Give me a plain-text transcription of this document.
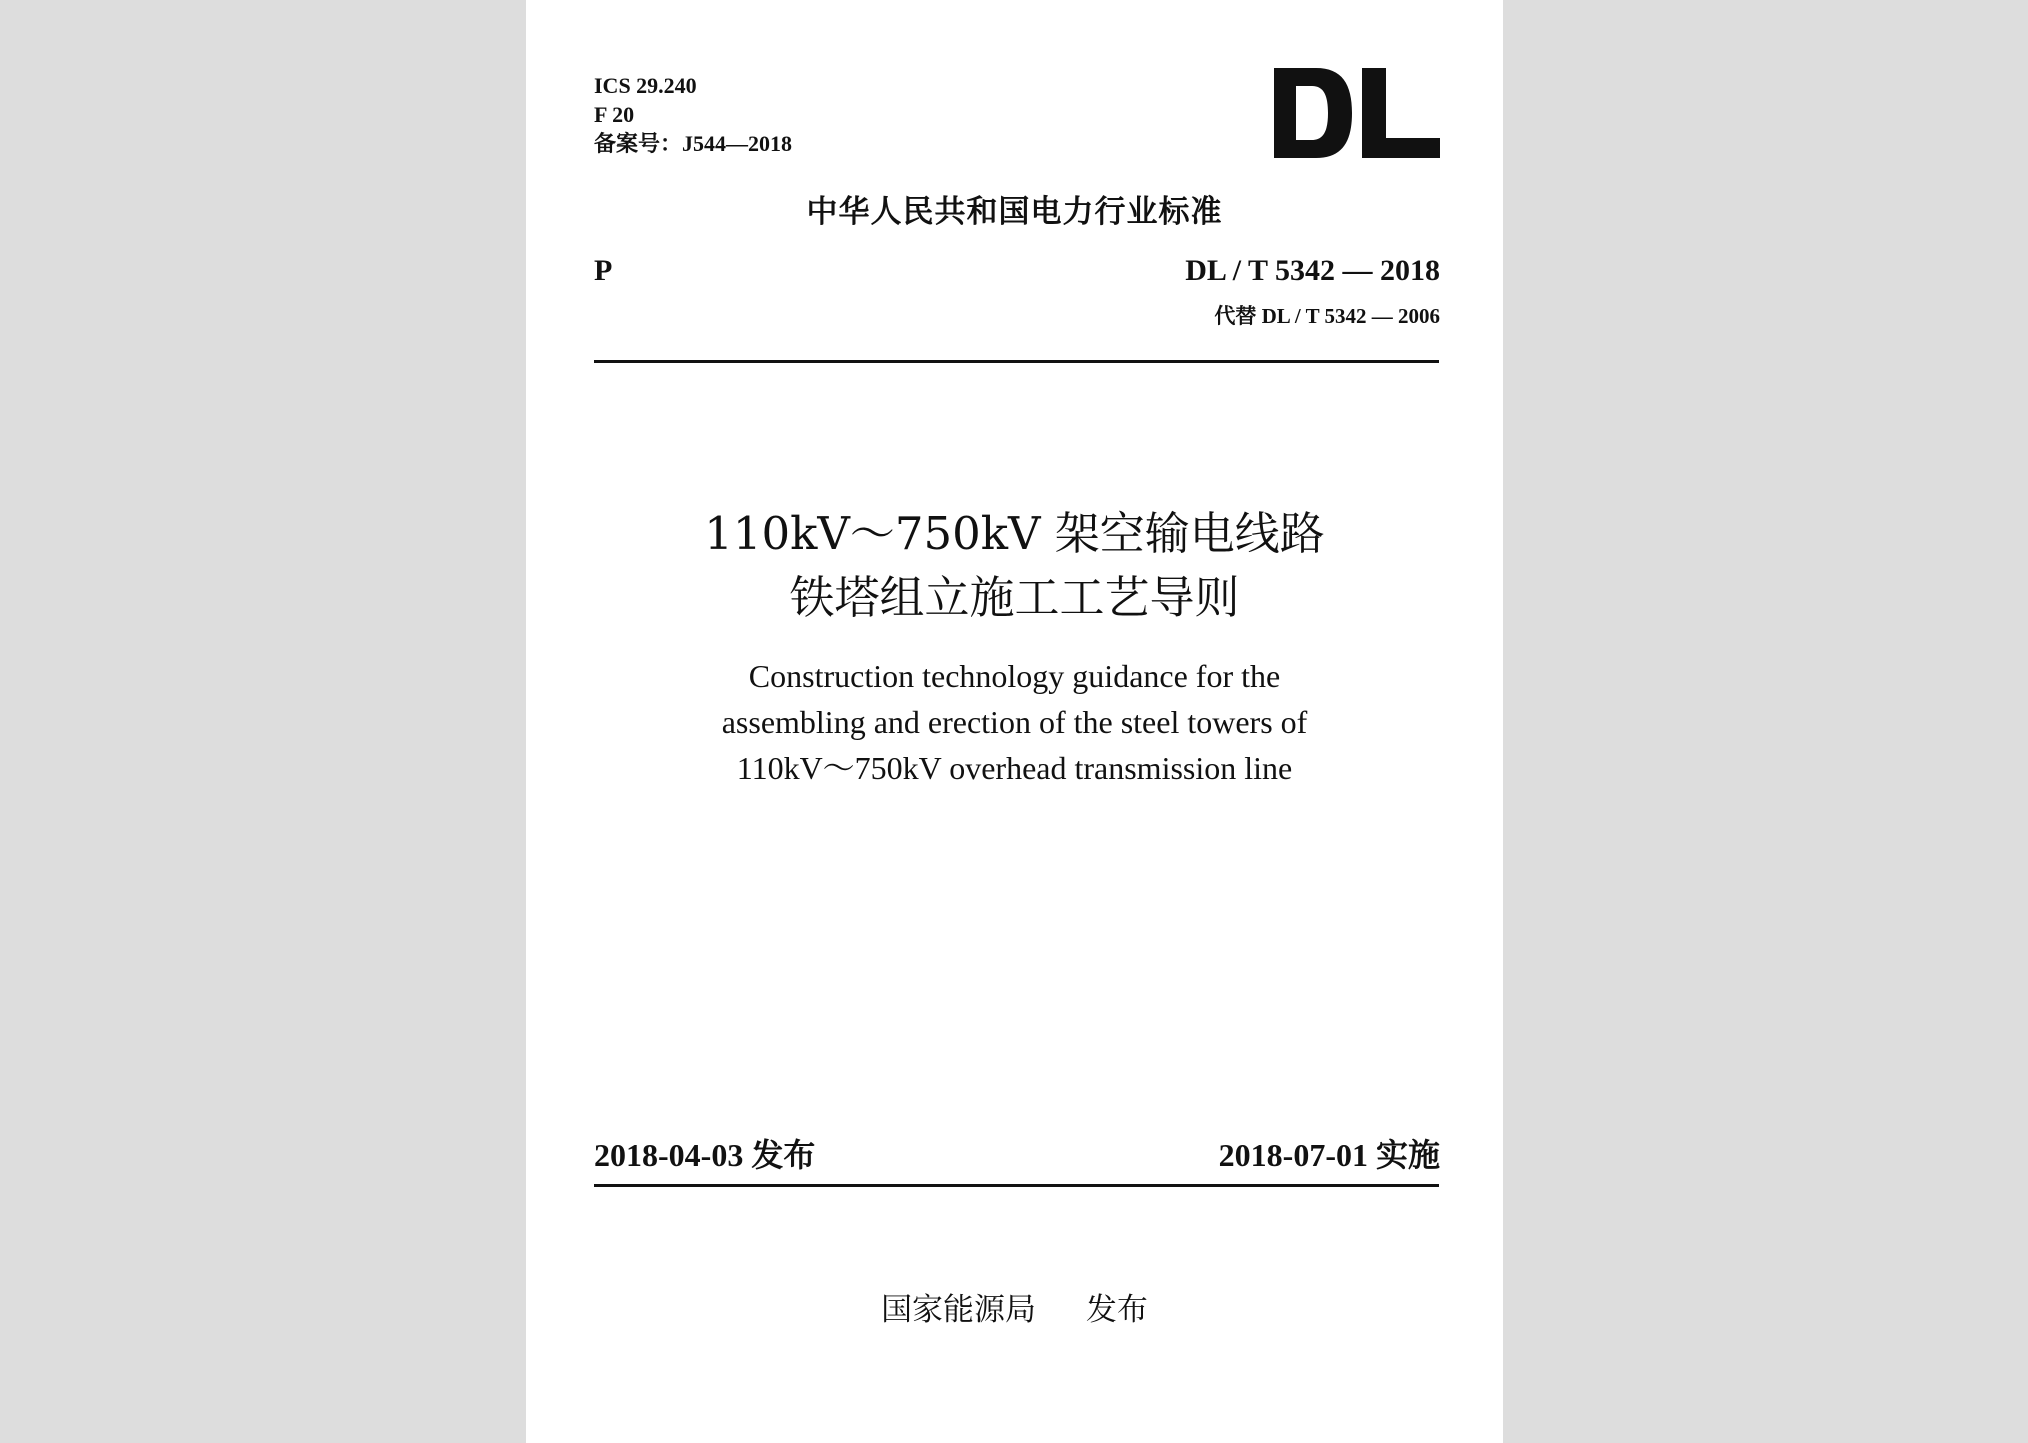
ICS 29.240
F 20
备案号：J544—2018
中华人民共和国电力行业标准
P	DL / T 5342 — 2018
代替 DL / T 5342 — 2006
110kV～750kV 架空输电线路
铁塔组立施工工艺导则
Construction technology guidance for the
assembling and erection of the steel towers of
110kV～750kV overhead transmission line
2018-04-03 发布	2018-07-01 实施
国家能源局 发布
